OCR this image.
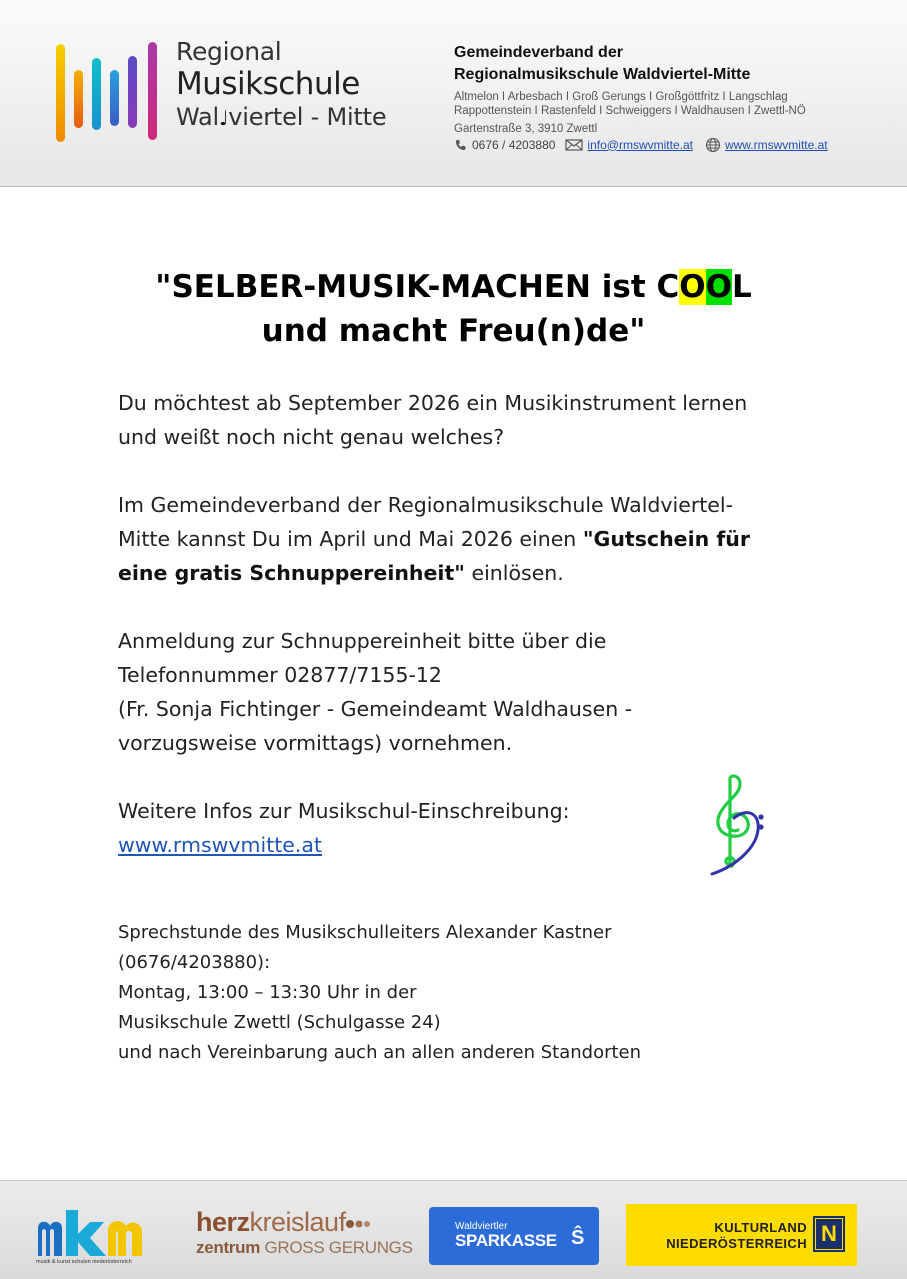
Regional
Musikschule
Wal♩viertel - Mitte
Gemeindeverband der
Regionalmusikschule Waldviertel-Mitte
Altmelon I Arbesbach I Groß Gerungs I Großgöttfritz I Langschlag
Rappottenstein I Rastenfeld I Schweiggers I Waldhausen I Zwettl-NÖ
Gartenstraße 3, 3910 Zwettl
0676 / 4203880	info@rmswvmitte.at	www.rmswvmitte.at
"SELBER-MUSIK-MACHEN ist COOL
und macht Freu(n)de"

Du möchtest ab September 2026 ein Musikinstrument lernen
und weißt noch nicht genau welches?

Im Gemeindeverband der Regionalmusikschule Waldviertel-
Mitte kannst Du im April und Mai 2026 einen "Gutschein für
eine gratis Schnuppereinheit" einlösen.

Anmeldung zur Schnuppereinheit bitte über die
Telefonnummer 02877/7155-12
(Fr. Sonja Fichtinger - Gemeindeamt Waldhausen -
vorzugsweise vormittags) vornehmen.

Weitere Infos zur Musikschul-Einschreibung:
www.rmswvmitte.at

Sprechstunde des Musikschulleiters Alexander Kastner
(0676/4203880):
Montag, 13:00 – 13:30 Uhr in der
Musikschule Zwettl (Schulgasse 24)
und nach Vereinbarung auch an allen anderen Standorten
musik & kunst schulen niederösterreich
herzkreislauf
zentrum GROSS GERUNGS
Waldviertler
SPARKASSE Ŝ	KULTURLAND
NIEDERÖSTERREICH N
